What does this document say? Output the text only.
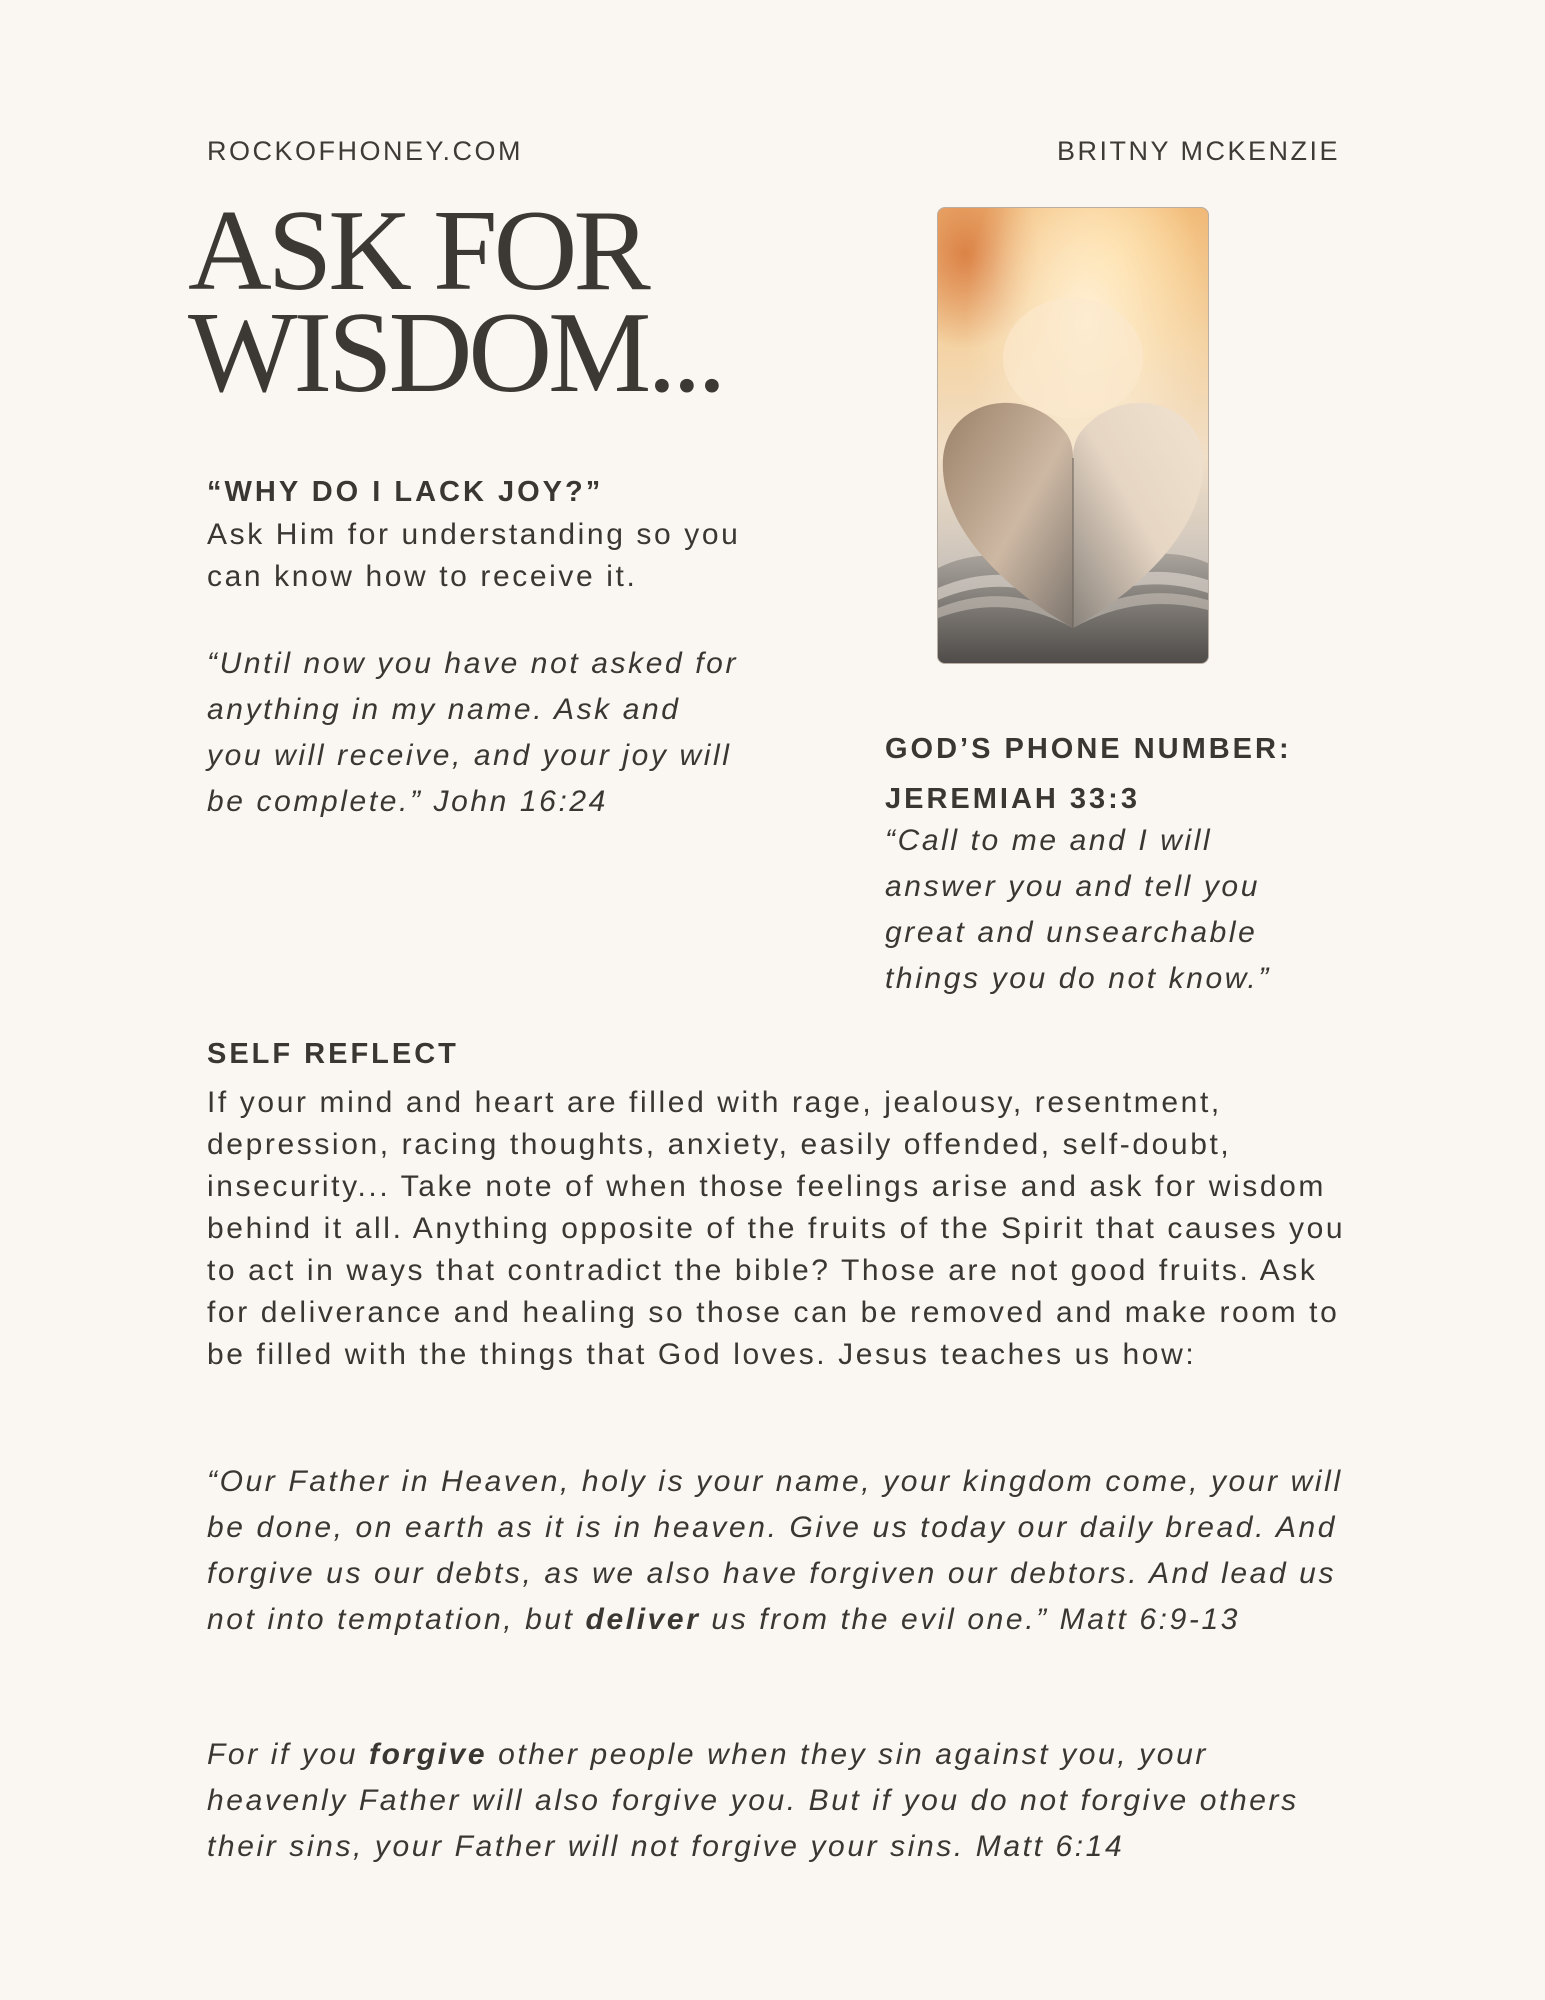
ROCKOFHONEY.COM	BRITNY MCKENZIE
ASK FOR
WISDOM...
“WHY DO I LACK JOY?”
Ask Him for understanding so you can know how to receive it.
“Until now you have not asked for anything in my name. Ask and you will receive, and your joy will be complete.” John 16:24
GOD’S PHONE NUMBER:
JEREMIAH 33:3
“Call to me and I will answer you and tell you great and unsearchable things you do not know.”
SELF REFLECT
If your mind and heart are filled with rage, jealousy, resentment, depression, racing thoughts, anxiety, easily offended, self-doubt, insecurity... Take note of when those feelings arise and ask for wisdom behind it all. Anything opposite of the fruits of the Spirit that causes you to act in ways that contradict the bible? Those are not good fruits. Ask for deliverance and healing so those can be removed and make room to be filled with the things that God loves. Jesus teaches us how:
“Our Father in Heaven, holy is your name, your kingdom come, your will be done, on earth as it is in heaven. Give us today our daily bread. And forgive us our debts, as we also have forgiven our debtors. And lead us not into temptation, but deliver us from the evil one.” Matt 6:9-13
For if you forgive other people when they sin against you, your heavenly Father will also forgive you. But if you do not forgive others their sins, your Father will not forgive your sins. Matt 6:14
